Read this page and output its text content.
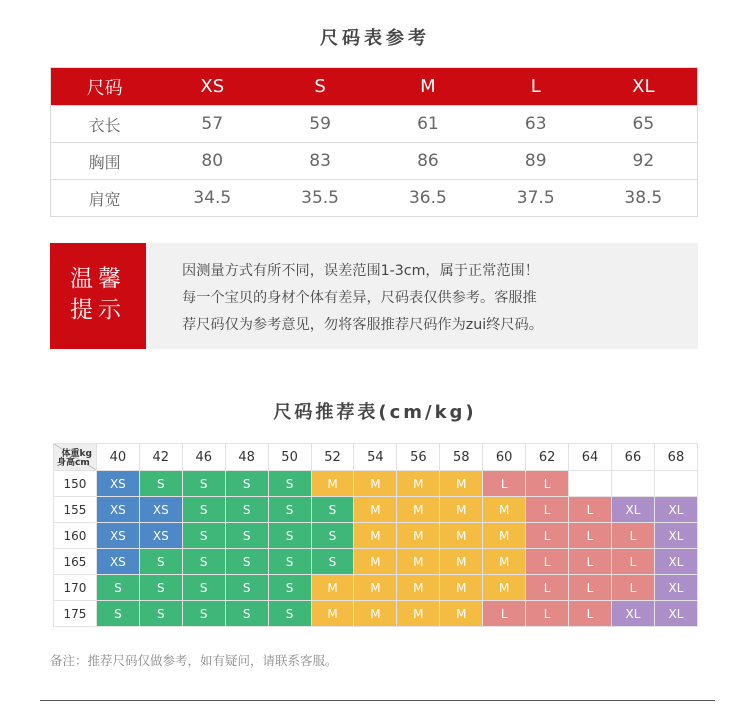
尺码表参考
尺码	XS	S	M	L	XL
衣长	57	59	61	63	65
胸围	80	83	86	89	92
肩宽	34.5	35.5	36.5	37.5	38.5
温馨
提示
因测量方式有所不同，误差范围1-3cm，属于正常范围！
每一个宝贝的身材个体有差异，尺码表仅供参考。客服推
荐尺码仅为参考意见，勿将客服推荐尺码作为zui终尺码。
尺码推荐表(cm/kg)
体重kg
身高cm	40	42	46	48	50	52	54	56	58	60	62	64	66	68
150	XS	S	S	S	S	M	M	M	M	L	L			
155	XS	XS	S	S	S	S	M	M	M	M	L	L	XL	XL
160	XS	XS	S	S	S	S	M	M	M	M	L	L	L	XL
165	XS	S	S	S	S	S	M	M	M	M	L	L	L	XL
170	S	S	S	S	S	M	M	M	M	M	L	L	L	XL
175	S	S	S	S	S	M	M	M	M	L	L	L	XL	XL
备注：推荐尺码仅做参考，如有疑问，请联系客服。
